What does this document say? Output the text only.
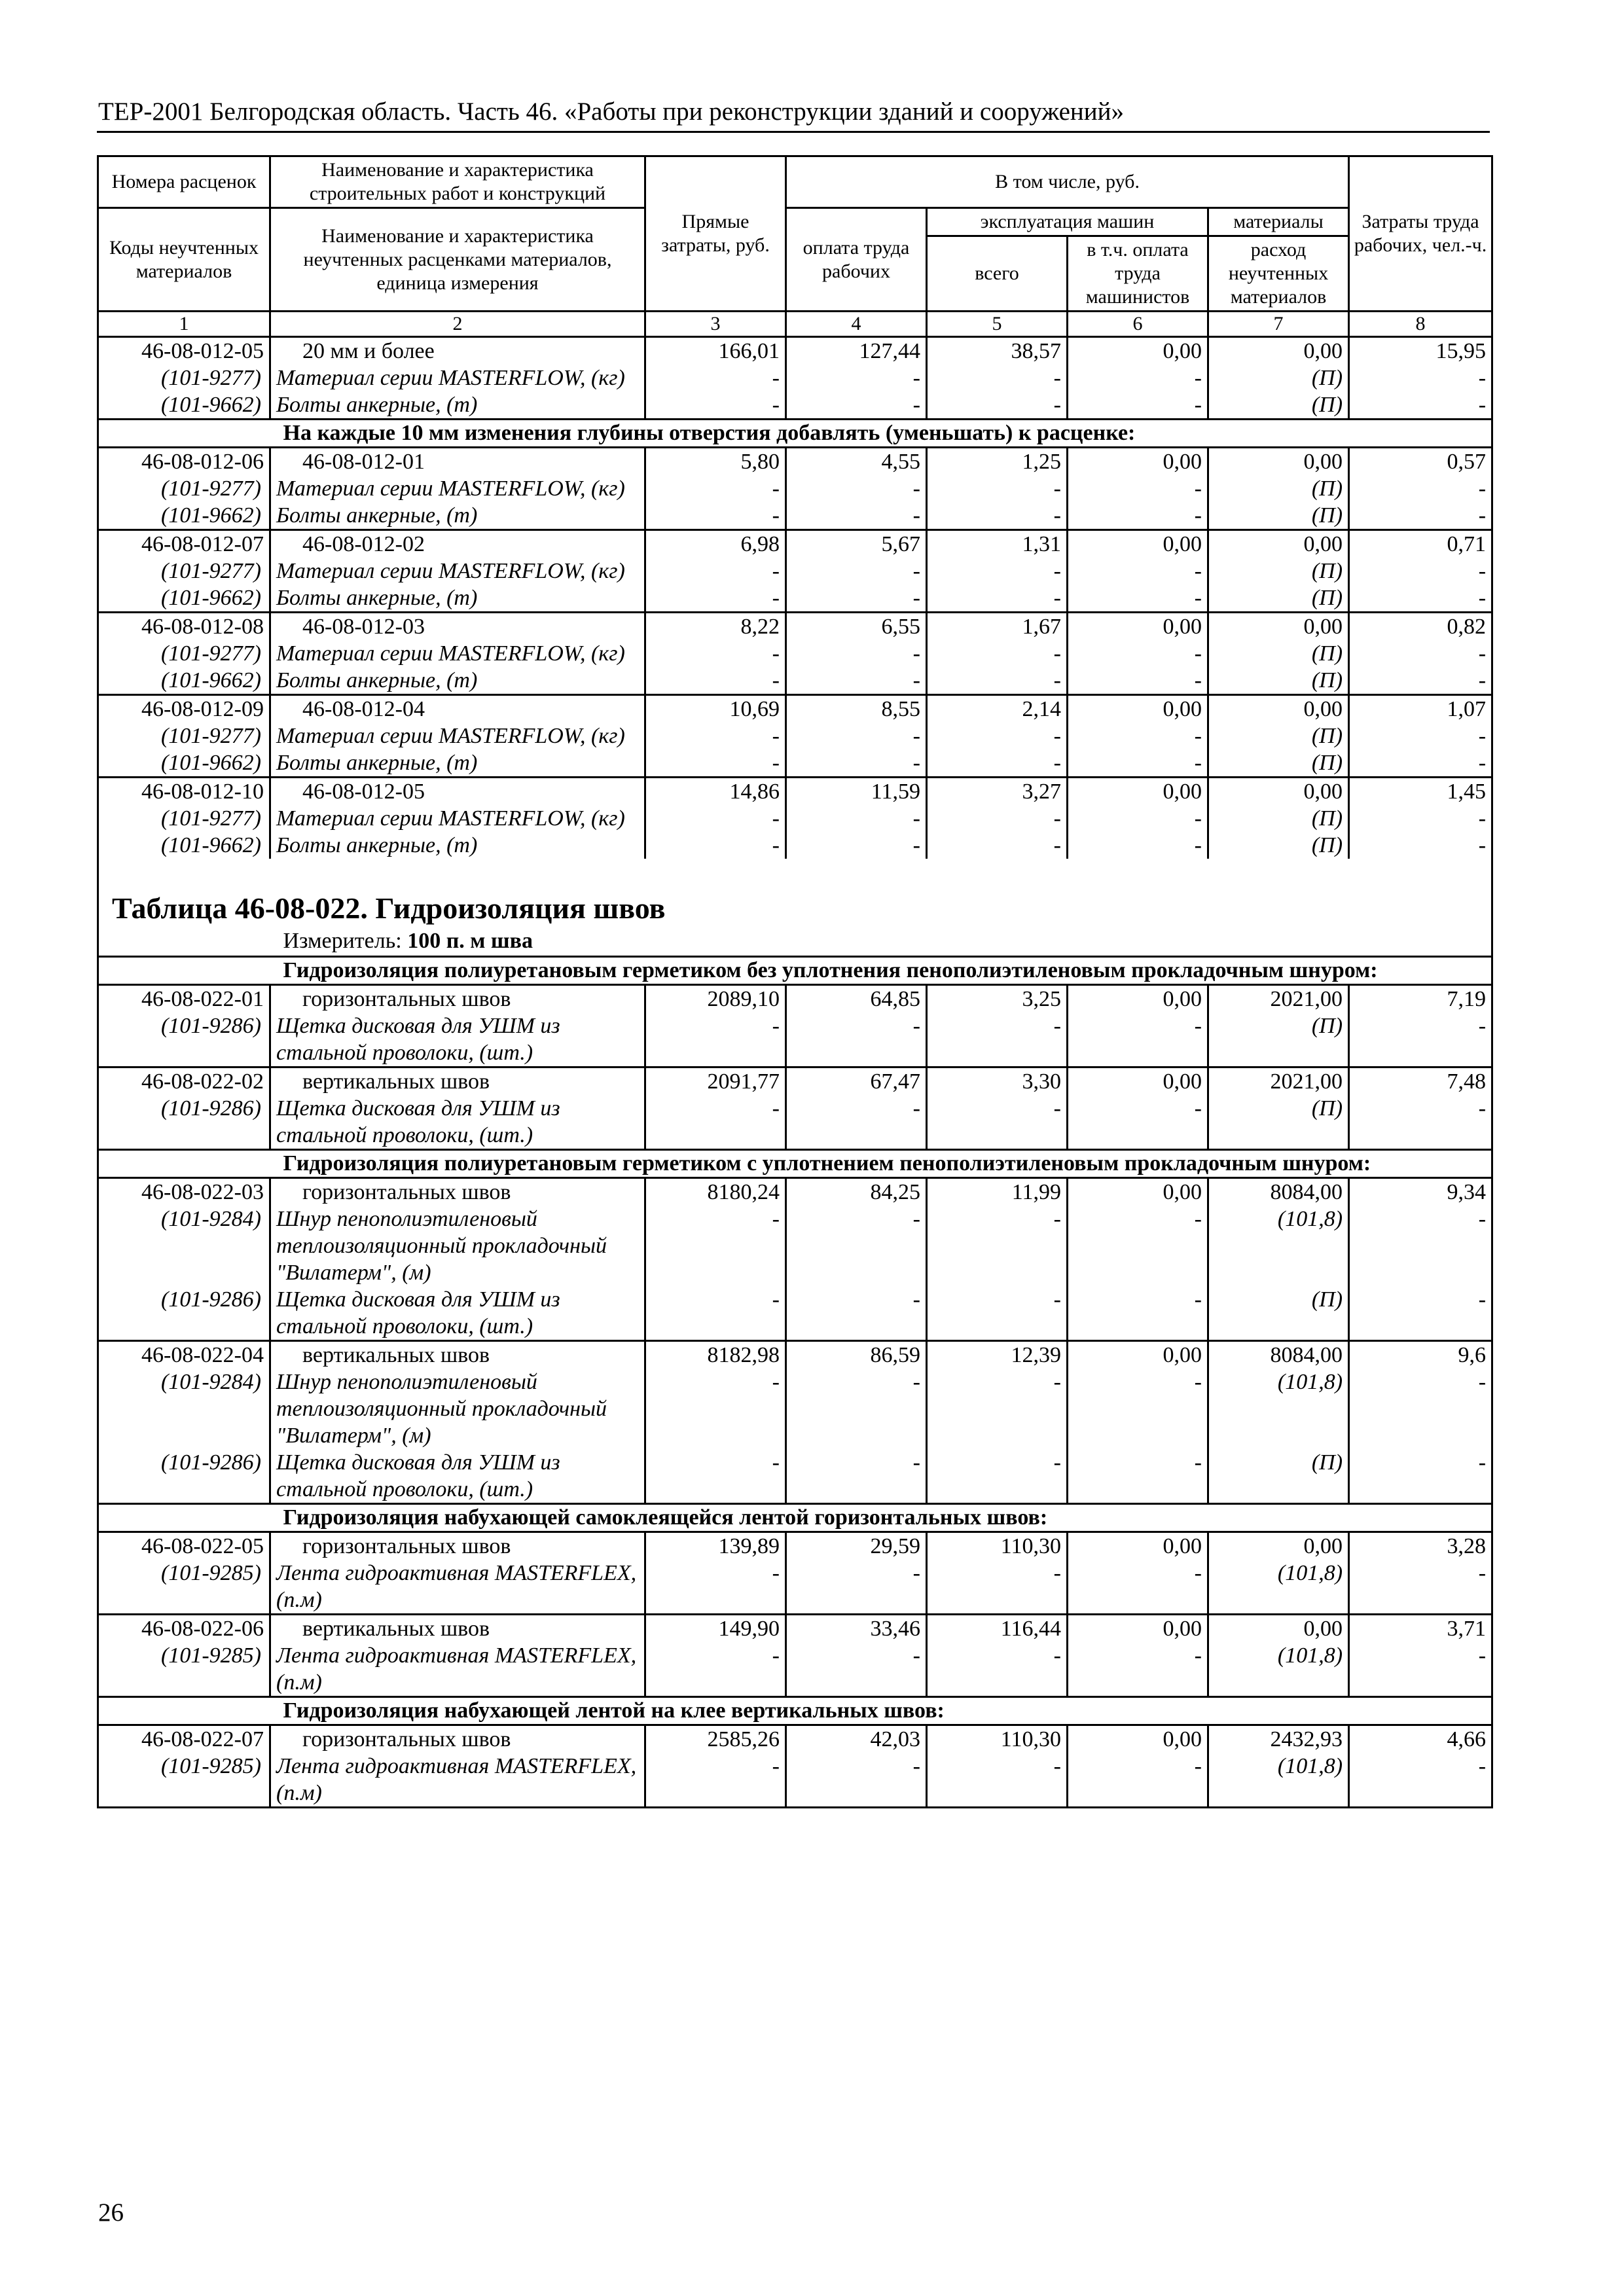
ТЕР-2001 Белгородская область. Часть 46. «Работы при реконструкции зданий и сооружений»
Номера расценок	Наименование и характеристика строительных работ и конструкций	Прямые затраты, руб.	В том числе, руб.				Затраты труда рабочих, чел.-ч.
Коды неучтенных материалов	Наименование и характеристика неучтенных расценками материалов, единица измерения		оплата труда рабочих	эксплуатация машин		материалы	
				всего	в т.ч. оплата труда машинистов	расход неучтенных материалов	
1	2	3	4	5	6	7	8
46-08-012-05	20 мм и более	166,01	127,44	38,57	0,00	0,00	15,95
(101-9277)	Материал серии MASTERFLOW, (кг)	-	-	-	-	(П)	-
(101-9662)	Болты анкерные, (т)	-	-	-	-	(П)	-
	На каждые 10 мм изменения глубины отверстия добавлять (уменьшать) к расценке:						
46-08-012-06	46-08-012-01	5,80	4,55	1,25	0,00	0,00	0,57
(101-9277)	Материал серии MASTERFLOW, (кг)	-	-	-	-	(П)	-
(101-9662)	Болты анкерные, (т)	-	-	-	-	(П)	-
46-08-012-07	46-08-012-02	6,98	5,67	1,31	0,00	0,00	0,71
(101-9277)	Материал серии MASTERFLOW, (кг)	-	-	-	-	(П)	-
(101-9662)	Болты анкерные, (т)	-	-	-	-	(П)	-
46-08-012-08	46-08-012-03	8,22	6,55	1,67	0,00	0,00	0,82
(101-9277)	Материал серии MASTERFLOW, (кг)	-	-	-	-	(П)	-
(101-9662)	Болты анкерные, (т)	-	-	-	-	(П)	-
46-08-012-09	46-08-012-04	10,69	8,55	2,14	0,00	0,00	1,07
(101-9277)	Материал серии MASTERFLOW, (кг)	-	-	-	-	(П)	-
(101-9662)	Болты анкерные, (т)	-	-	-	-	(П)	-
46-08-012-10	46-08-012-05	14,86	11,59	3,27	0,00	0,00	1,45
(101-9277)	Материал серии MASTERFLOW, (кг)	-	-	-	-	(П)	-
(101-9662)	Болты анкерные, (т)	-	-	-	-	(П)	-

Таблица 46-08-022. Гидроизоляция швов							
	Измеритель: 100 п. м шва						
	Гидроизоляция полиуретановым герметиком без уплотнения пенополиэтиленовым прокладочным шнуром:						
46-08-022-01	горизонтальных швов	2089,10	64,85	3,25	0,00	2021,00	7,19
(101-9286)	Щетка дисковая для УШМ из стальной проволоки, (шт.)	-	-	-	-	(П)	-
46-08-022-02	вертикальных швов	2091,77	67,47	3,30	0,00	2021,00	7,48
(101-9286)	Щетка дисковая для УШМ из стальной проволоки, (шт.)	-	-	-	-	(П)	-
	Гидроизоляция полиуретановым герметиком с уплотнением пенополиэтиленовым прокладочным шнуром:						
46-08-022-03	горизонтальных швов	8180,24	84,25	11,99	0,00	8084,00	9,34
(101-9284)	Шнур пенополиэтиленовый теплоизоляционный прокладочный "Вилатерм", (м)	-	-	-	-	(101,8)	-
(101-9286)	Щетка дисковая для УШМ из стальной проволоки, (шт.)	-	-	-	-	(П)	-
46-08-022-04	вертикальных швов	8182,98	86,59	12,39	0,00	8084,00	9,6
(101-9284)	Шнур пенополиэтиленовый теплоизоляционный прокладочный "Вилатерм", (м)	-	-	-	-	(101,8)	-
(101-9286)	Щетка дисковая для УШМ из стальной проволоки, (шт.)	-	-	-	-	(П)	-
	Гидроизоляция набухающей самоклеящейся лентой горизонтальных швов:						
46-08-022-05	горизонтальных швов	139,89	29,59	110,30	0,00	0,00	3,28
(101-9285)	Лента гидроактивная MASTERFLEX, (п.м)	-	-	-	-	(101,8)	-
46-08-022-06	вертикальных швов	149,90	33,46	116,44	0,00	0,00	3,71
(101-9285)	Лента гидроактивная MASTERFLEX, (п.м)	-	-	-	-	(101,8)	-
	Гидроизоляция набухающей лентой на клее вертикальных швов:						
46-08-022-07	горизонтальных швов	2585,26	42,03	110,30	0,00	2432,93	4,66
(101-9285)	Лента гидроактивная MASTERFLEX, (п.м)	-	-	-	-	(101,8)	-
26
